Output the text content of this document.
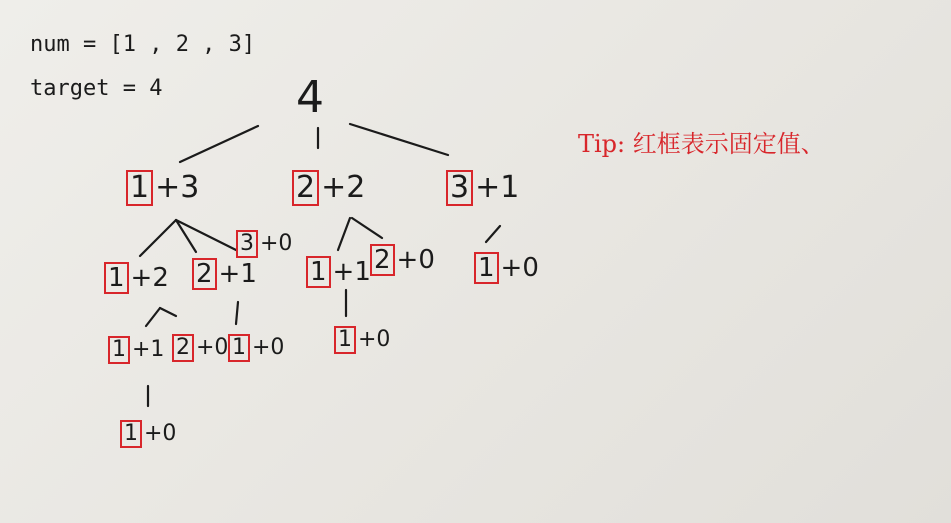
num = [1 , 2 , 3]
target = 4
Tip: 红框表示固定值、
4
1 +3	2 +2	3 +1
1 +2 2 +1
3 +0
1 +1 2 +0 1 +0
1 +1 2 +0 1 +0 1 +0
1 +0
